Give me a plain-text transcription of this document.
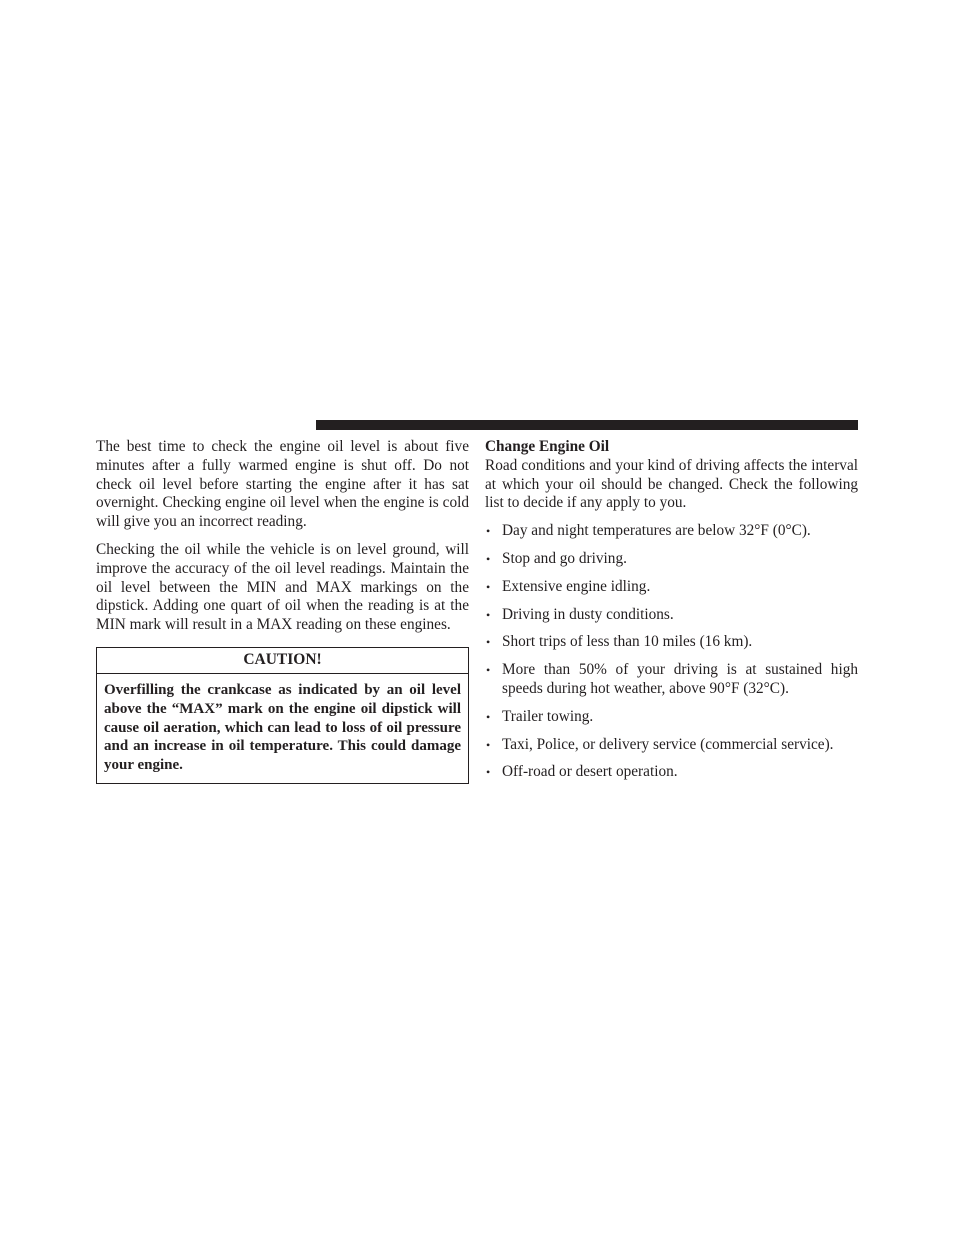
The best time to check the engine oil level is about five minutes after a fully warmed engine is shut off. Do not check oil level before starting the engine after it has sat overnight. Checking engine oil level when the engine is cold will give you an incorrect reading.

Checking the oil while the vehicle is on level ground, will improve the accuracy of the oil level readings. Maintain the oil level between the MIN and MAX markings on the dipstick. Adding one quart of oil when the reading is at the MIN mark will result in a MAX reading on these engines.

CAUTION!
Overfilling the crankcase as indicated by an oil level above the “MAX” mark on the engine oil dipstick will cause oil aeration, which can lead to loss of oil pressure and an increase in oil temperature. This could damage your engine.
Change Engine Oil

Road conditions and your kind of driving affects the interval at which your oil should be changed. Check the following list to decide if any apply to you.

• Day and night temperatures are below 32°F (0°C).
• Stop and go driving.
• Extensive engine idling.
• Driving in dusty conditions.
• Short trips of less than 10 miles (16 km).
• More than 50% of your driving is at sustained high speeds during hot weather, above 90°F (32°C).
• Trailer towing.
• Taxi, Police, or delivery service (commercial service).
• Off-road or desert operation.
